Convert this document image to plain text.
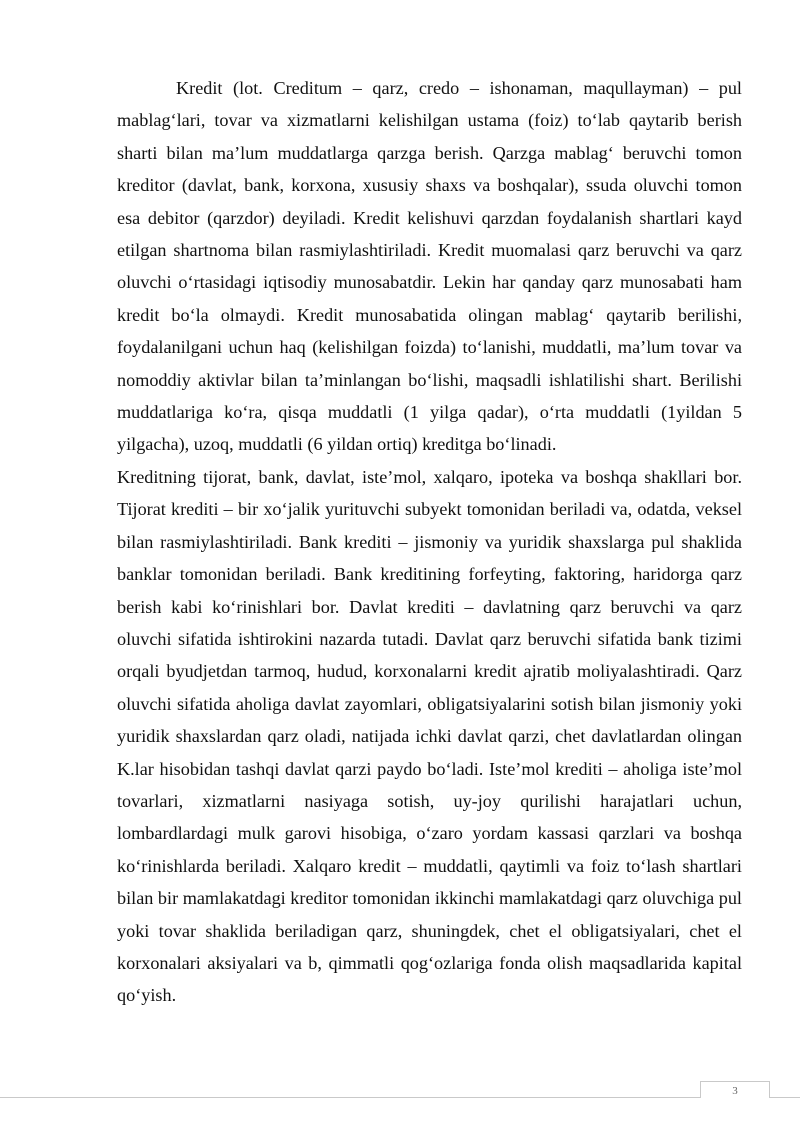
Kredit (lot. Creditum – qarz, credo – ishonaman, maqullayman) – pul mablag‘lari, tovar va xizmatlarni kelishilgan ustama (foiz) to‘lab qaytarib berish sharti bilan ma’lum muddatlarga qarzga berish. Qarzga mablag‘ beruvchi tomon kreditor (davlat, bank, korxona, xususiy shaxs va boshqalar), ssuda oluvchi tomon esa debitor (qarzdor) deyiladi. Kredit kelishuvi qarzdan foydalanish shartlari kayd etilgan shartnoma bilan rasmiylashtiriladi. Kredit muomalasi qarz beruvchi va qarz oluvchi o‘rtasidagi iqtisodiy munosabatdir. Lekin har qanday qarz munosabati ham kredit bo‘la olmaydi. Kredit munosabatida olingan mablag‘ qaytarib berilishi, foydalanilgani uchun haq (kelishilgan foizda) to‘lanishi, muddatli, ma’lum tovar va nomoddiy aktivlar bilan ta’minlangan bo‘lishi, maqsadli ishlatilishi shart. Berilishi muddatlariga ko‘ra, qisqa muddatli (1 yilga qadar), o‘rta muddatli (1yildan 5 yilgacha), uzoq, muddatli (6 yildan ortiq) kreditga bo‘linadi.

Kreditning tijorat, bank, davlat, iste’mol, xalqaro, ipoteka va boshqa shakllari bor. Tijorat krediti – bir xo‘jalik yurituvchi subyekt tomonidan beriladi va, odatda, veksel bilan rasmiylashtiriladi. Bank krediti – jismoniy va yuridik shaxslarga pul shaklida banklar tomonidan beriladi. Bank kreditining forfeyting, faktoring, haridorga qarz berish kabi ko‘rinishlari bor. Davlat krediti – davlatning qarz beruvchi va qarz oluvchi sifatida ishtirokini nazarda tutadi. Davlat qarz beruvchi sifatida bank tizimi orqali byudjetdan tarmoq, hudud, korxonalarni kredit ajratib moliyalashtiradi. Qarz oluvchi sifatida aholiga davlat zayomlari, obligatsiyalarini sotish bilan jismoniy yoki yuridik shaxslardan qarz oladi, natijada ichki davlat qarzi, chet davlatlardan olingan K.lar hisobidan tashqi davlat qarzi paydo bo‘ladi. Iste’mol krediti – aholiga iste’mol tovarlari, xizmatlarni nasiyaga sotish, uy-joy qurilishi harajatlari uchun, lombardlardagi mulk garovi hisobiga, o‘zaro yordam kassasi qarzlari va boshqa ko‘rinishlarda beriladi. Xalqaro kredit – muddatli, qaytimli va foiz to‘lash shartlari bilan bir mamlakatdagi kreditor tomonidan ikkinchi mamlakatdagi qarz oluvchiga pul yoki tovar shaklida beriladigan qarz, shuningdek, chet el obligatsiyalari, chet el korxonalari aksiyalari va b, qimmatli qog‘ozlariga fonda olish maqsadlarida kapital qo‘yish.

3
